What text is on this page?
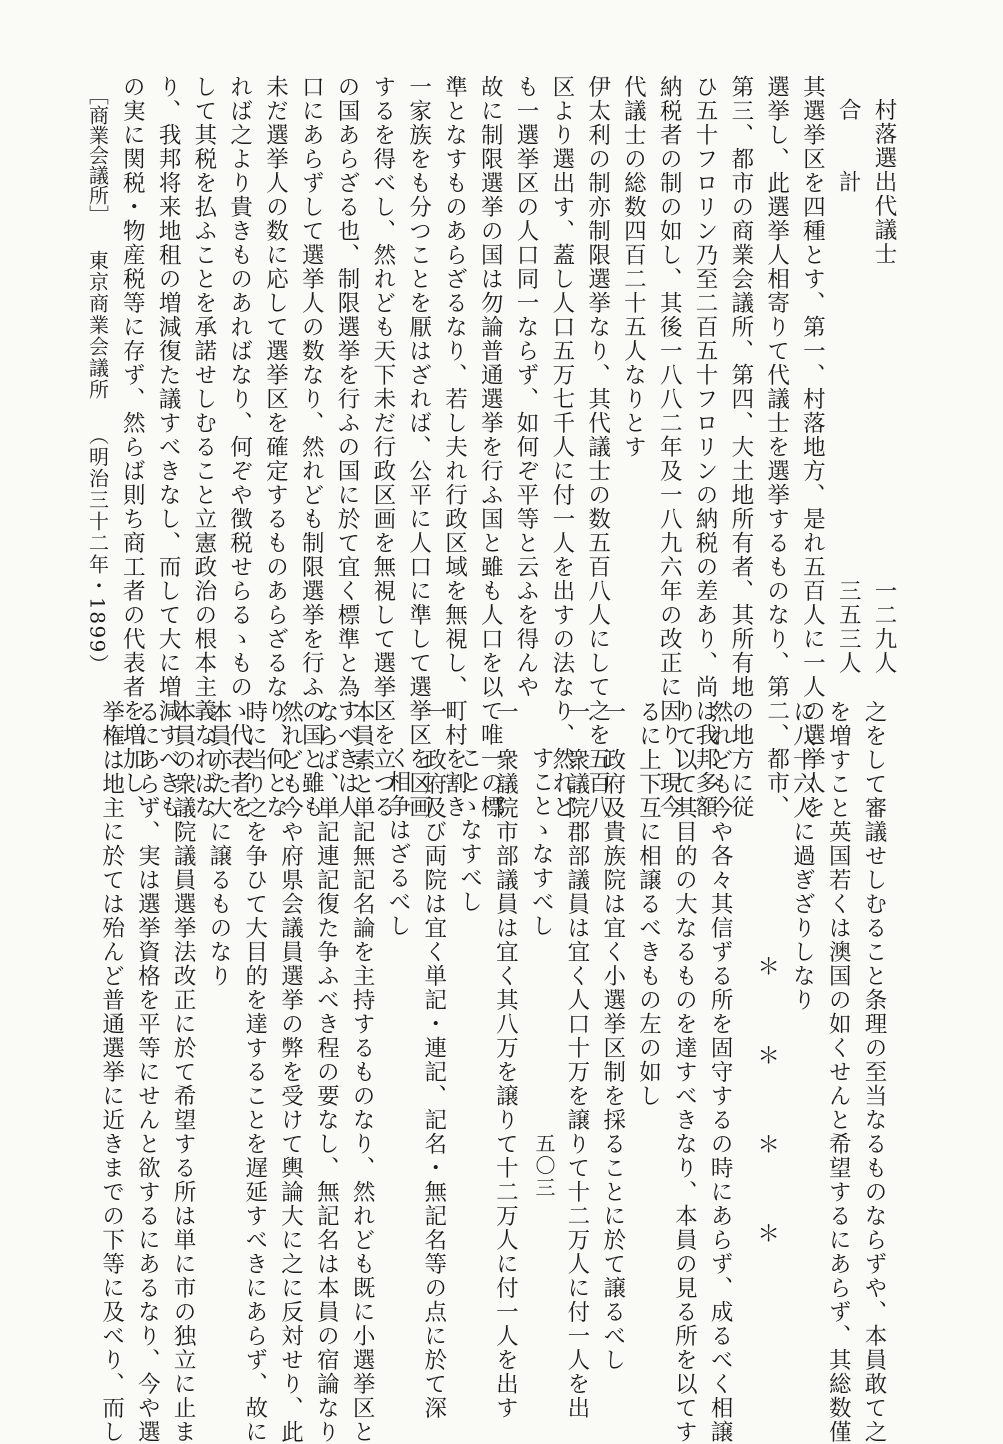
村落選出代議士
一二九人
合　　計
三五三人

其選挙区を四種とす、第一、村落地方、是れ五百人に一人の選挙人を

選挙し、此選挙人相寄りて代議士を選挙するものなり、第二、都市、

第三、都市の商業会議所、第四、大土地所有者、其所有地の地方に従

ひ五十フロリン乃至二百五十フロリンの納税の差あり、尚は我邦多額

納税者の制の如し、其後一八八二年及一八九六年の改正に因り、現今

代議士の総数四百二十五人なりとす

伊太利の制亦制限選挙なり、其代議士の数五百八人にして之を五百八

区より選出す、蓋し人口五万七千人に付一人を出すの法なり、然れど

も一選挙区の人口同一ならず、如何ぞ平等と云ふを得んや

故に制限選挙の国は勿論普通選挙を行ふ国と雖も人口を以て唯一の標

準となすものあらざるなり、若し夫れ行政区域を無視し、町村を割き

一家族をも分つことを厭はざれば、公平に人口に準して選挙区を区画

するを得べし、然れども天下未だ行政区画を無視して選挙区を立つる

の国あらざる也、制限選挙を行ふの国に於て宜く標準と為すべきは人

口にあらずして選挙人の数なり、然れども制限選挙を行ふの国と雖も

未だ選挙人の数に応して選挙区を確定するものあらざるなり、何とな

れば之より貴きものあればなり、何ぞや徴税せらるゝものゝ代表者を

して其税を払ふことを承諾せしむること立憲政治の根本主義なればな

り、我邦将来地租の増減復た議すべきなし、而して大に増減すべきも

の実に関税・物産税等に存ず、然らば則ち商工者の代表者を増加し、

［商業会議所］
東京商業会議所
（明治三十二年・1899）

之をして審議せしむること条理の至当なるものならずや、本員敢て之

を増すこと英国若くは澳国の如くせんと希望するにあらず、其総数僅

に八十六人に過ぎざりしなり

＊　＊　＊　＊

然れども今や各々其信ずる所を固守するの時にあらず、成るべく相譲

りて以て其目的の大なるものを達すべきなり、本員の見る所を以てす

るに上下互に相譲るべきもの左の如し

一　政府及貴族院は宜く小選挙区制を採ることに於て譲るべし

一　衆議院郡部議員は宜く人口十万を譲りて十二万人に付一人を出

すことゝなすべし

一　衆議院市部議員は宜く其八万を譲りて十二万人に付一人を出す

ことゝなすべし

一　政府及び両院は宜く単記・連記、記名・無記名等の点に於て深

く相争はざるべし

本員素と単記無記名論を主持するものなり、然れども既に小選挙区と

ならば、単記連記復た争ふべき程の要なし、無記名は本員の宿論なり

然れども今や府県会議員選挙の弊を受けて輿論大に之に反対せり、此

時に当り之を争ひて大目的を達することを遅延すべきにあらず、故に

本員亦た大に譲るものなり

本員の衆議院議員選挙法改正に於て希望する所は単に市の独立に止ま

るにあらず、実は選挙資格を平等にせんと欲するにあるなり、今や選

挙権は地主に於ては殆んど普通選挙に近きまでの下等に及べり、而し	五〇三
